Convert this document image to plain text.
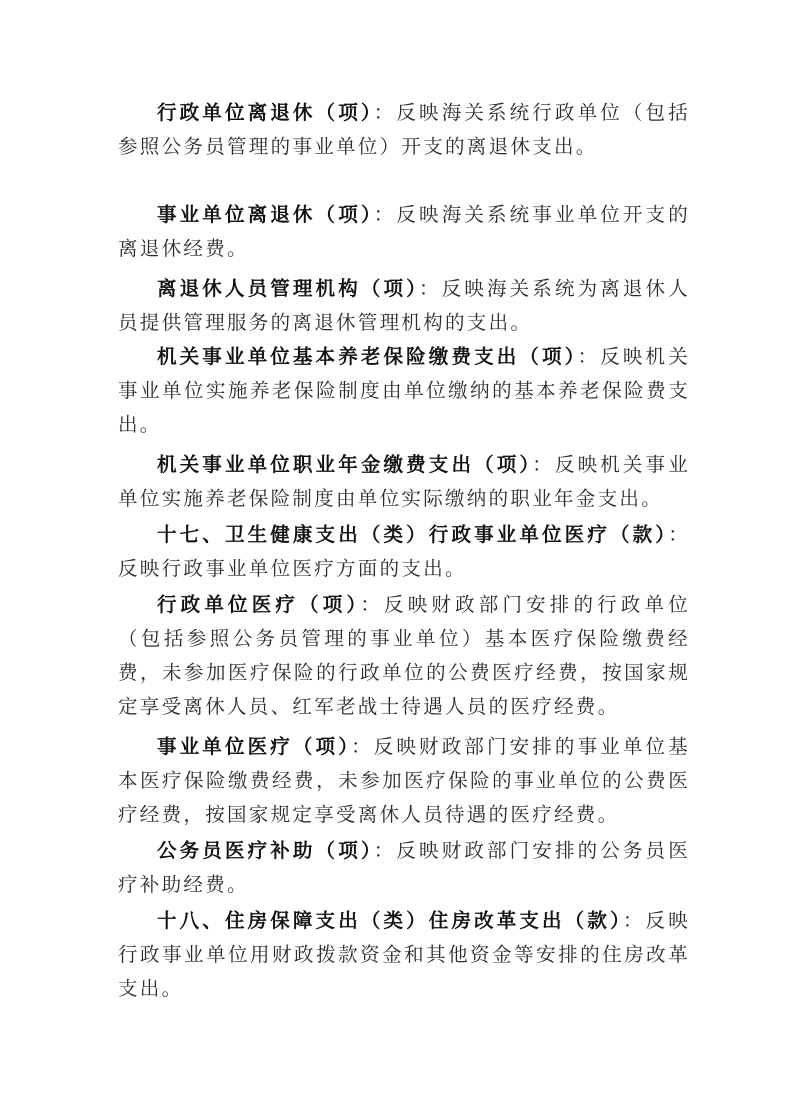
行政单位离退休（项）：反映海关系统行政单位（包括参照公务员管理的事业单位）开支的离退休支出。

事业单位离退休（项）：反映海关系统事业单位开支的离退休经费。

离退休人员管理机构（项）：反映海关系统为离退休人员提供管理服务的离退休管理机构的支出。

机关事业单位基本养老保险缴费支出（项）：反映机关事业单位实施养老保险制度由单位缴纳的基本养老保险费支出。

机关事业单位职业年金缴费支出（项）：反映机关事业单位实施养老保险制度由单位实际缴纳的职业年金支出。

十七、卫生健康支出（类）行政事业单位医疗（款）：反映行政事业单位医疗方面的支出。

行政单位医疗（项）：反映财政部门安排的行政单位（包括参照公务员管理的事业单位）基本医疗保险缴费经费，未参加医疗保险的行政单位的公费医疗经费，按国家规定享受离休人员、红军老战士待遇人员的医疗经费。

事业单位医疗（项）：反映财政部门安排的事业单位基本医疗保险缴费经费，未参加医疗保险的事业单位的公费医疗经费，按国家规定享受离休人员待遇的医疗经费。

公务员医疗补助（项）：反映财政部门安排的公务员医疗补助经费。

十八、住房保障支出（类）住房改革支出（款）：反映行政事业单位用财政拨款资金和其他资金等安排的住房改革支出。
